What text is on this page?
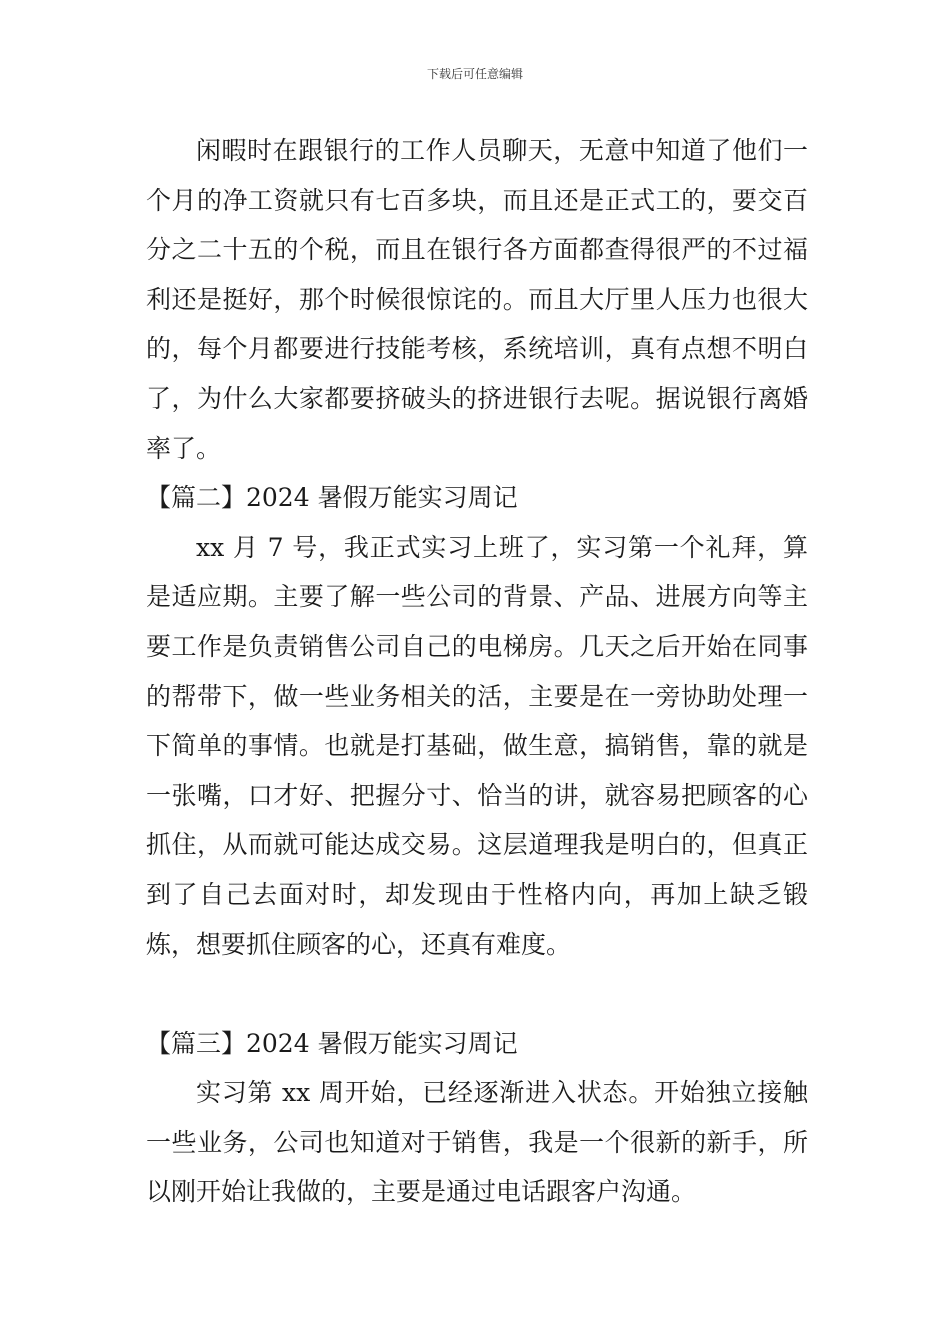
下载后可任意编辑

闲暇时在跟银行的工作人员聊天，无意中知道了他们一个月的净工资就只有七百多块，而且还是正式工的，要交百分之二十五的个税，而且在银行各方面都查得很严的不过福利还是挺好，那个时候很惊诧的。而且大厅里人压力也很大的，每个月都要进行技能考核，系统培训，真有点想不明白了，为什么大家都要挤破头的挤进银行去呢。据说银行离婚率了。

【篇二】2024 暑假万能实习周记

xx 月 7 号，我正式实习上班了，实习第一个礼拜，算是适应期。主要了解一些公司的背景、产品、进展方向等主要工作是负责销售公司自己的电梯房。几天之后开始在同事的帮带下，做一些业务相关的活，主要是在一旁协助处理一下简单的事情。也就是打基础，做生意，搞销售，靠的就是一张嘴，口才好、把握分寸、恰当的讲，就容易把顾客的心抓住，从而就可能达成交易。这层道理我是明白的，但真正到了自己去面对时，却发现由于性格内向，再加上缺乏锻炼，想要抓住顾客的心，还真有难度。

【篇三】2024 暑假万能实习周记

实习第 xx 周开始，已经逐渐进入状态。开始独立接触一些业务，公司也知道对于销售，我是一个很新的新手，所以刚开始让我做的，主要是通过电话跟客户沟通。
